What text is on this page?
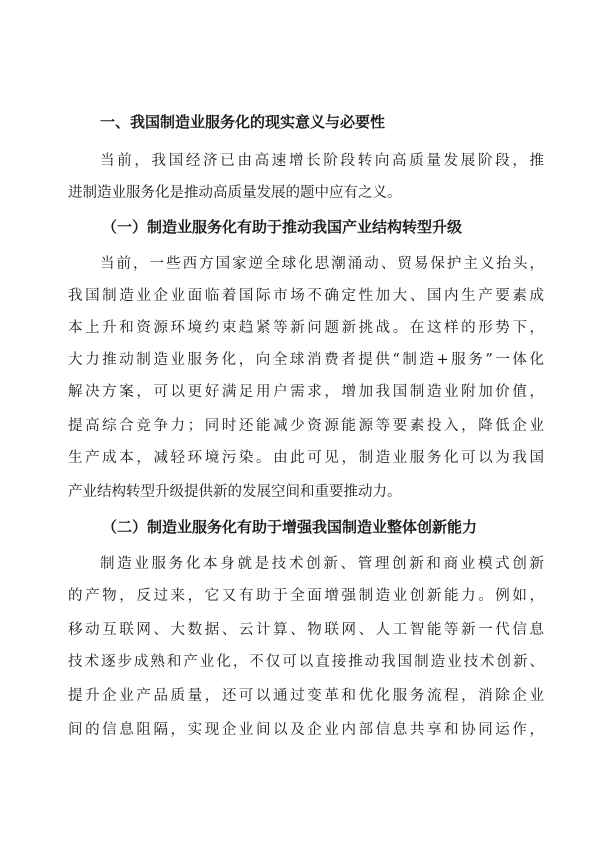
一、我国制造业服务化的现实意义与必要性
当前，我国经济已由高速增长阶段转向高质量发展阶段，推
进制造业服务化是推动高质量发展的题中应有之义。
（一）制造业服务化有助于推动我国产业结构转型升级
当前，一些西方国家逆全球化思潮涌动、贸易保护主义抬头，
我国制造业企业面临着国际市场不确定性加大、国内生产要素成
本上升和资源环境约束趋紧等新问题新挑战。在这样的形势下，
大力推动制造业服务化，向全球消费者提供“制造+服务”一体化
解决方案，可以更好满足用户需求，增加我国制造业附加价值，
提高综合竞争力；同时还能减少资源能源等要素投入，降低企业
生产成本，减轻环境污染。由此可见，制造业服务化可以为我国
产业结构转型升级提供新的发展空间和重要推动力。
（二）制造业服务化有助于增强我国制造业整体创新能力
制造业服务化本身就是技术创新、管理创新和商业模式创新
的产物，反过来，它又有助于全面增强制造业创新能力。例如，
移动互联网、大数据、云计算、物联网、人工智能等新一代信息
技术逐步成熟和产业化，不仅可以直接推动我国制造业技术创新、
提升企业产品质量，还可以通过变革和优化服务流程，消除企业
间的信息阻隔，实现企业间以及企业内部信息共享和协同运作，
